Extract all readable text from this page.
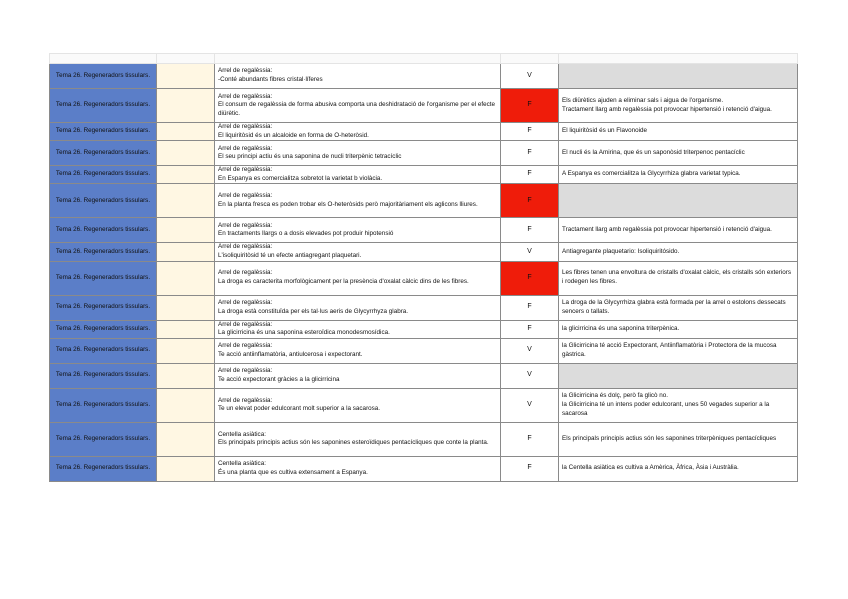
Tema 26. Regeneradors tissulars.		Arrel de regalèssia:
-Conté abundants fibres cristal·líferes	V	
Tema 26. Regeneradors tissulars.		Arrel de regalèssia:
El consum de regalèssia de forma abusiva comporta una deshidratació de l'organisme per el efecte diürètic.	F	Els diürètics ajuden a eliminar sals i aigua de l'organisme.
Tractament llarg amb regalèssia pot provocar hipertensió i retenció d'aigua.
Tema 26. Regeneradors tissulars.		Arrel de regalèssia:
El liquiritòsid és un alcaloide en forma de O-heteròsid.	F	El liquiritòsid és un Flavonoide
Tema 26. Regeneradors tissulars.		Arrel de regalèssia:
El seu principi actiu és una saponina de nucli triterpènic tetracíclic	F	El nucli és la Amirina, que és un saponòsid triterpenoc pentacíclic
Tema 26. Regeneradors tissulars.		Arrel de regalèssia:
En Espanya es comercialitza sobretot la varietat b violàcia.	F	A Espanya es comercialitza la Glycyrrhiza glabra varietat typica.
Tema 26. Regeneradors tissulars.		Arrel de regalèssia:
En la planta fresca es poden trobar els O-heteròsids però majoritàriament els aglicons lliures.	F	
Tema 26. Regeneradors tissulars.		Arrel de regalèssia:
En tractaments llargs o a dosis elevades pot produir hipotensió	F	Tractament llarg amb regalèssia pot provocar hipertensió i retenció d'aigua.
Tema 26. Regeneradors tissulars.		Arrel de regalèssia:
L'isoliquiritòsid té un efecte antiagregant plaquetari.	V	Antiagregante plaquetario: Isoliquiritósido.
Tema 26. Regeneradors tissulars.		Arrel de regalèssia:
La droga es caracterita morfològicament per la presència d'oxalat càlcic dins de les fibres.	F	Les fibres tenen una envoltura de cristalls d'oxalat càlcic, els cristalls són exteriors i rodegen les fibres.
Tema 26. Regeneradors tissulars.		Arrel de regalèssia:
La droga està constituïda per els tal·lus aeris de Glycyrrhyza glabra.	F	La droga de la Glycyrrhiza glabra està formada per la arrel o estolons dessecats sencers o tallats.
Tema 26. Regeneradors tissulars.		Arrel de regalèssia:
La glicirricina és una saponina esteroïdica monodesmosídica.	F	la glicirricina és una saponina triterpènica.
Tema 26. Regeneradors tissulars.		Arrel de regalèssia:
Te acció antiinflamatòria, antiulcerosa i expectorant.	V	la Glicirricina té acció Expectorant, Antiinflamatòria i Protectora de la mucosa gàstrica.
Tema 26. Regeneradors tissulars.		Arrel de regalèssia:
Te acció expectorant gràcies a la glicirricina	V	
Tema 26. Regeneradors tissulars.		Arrel de regalèssia:
Te un elevat poder edulcorant molt superior a la sacarosa.	V	la Glicirricina és dolç, però fa glicò no.
la Glicirricina té un intens poder edulcorant, unes 50 vegades superior a la sacarosa
Tema 26. Regeneradors tissulars.		Centella asiàtica:
Els principals principis actius són les saponines esteroïdiques pentacícliques que conte la planta.	F	Els principals principis actius són les saponines triterpèniques pentacícliques
Tema 26. Regeneradors tissulars.		Centella asiàtica:
És una planta que es cultiva extensament a Espanya.	F	la Centella asiàtica es cultiva a Amèrica, Àfrica, Àsia i Austràlia.
